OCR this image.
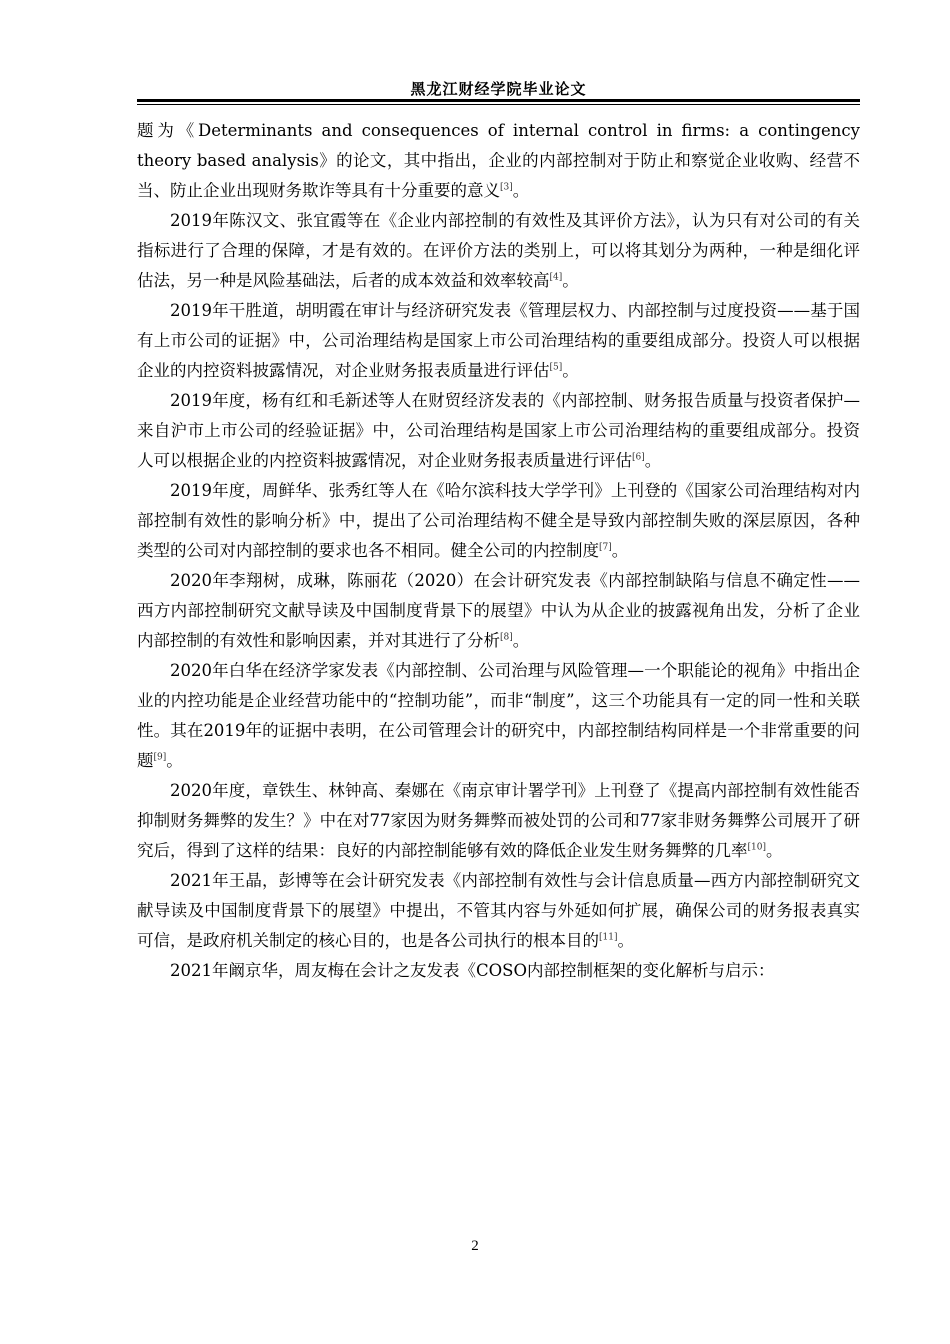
黑龙江财经学院毕业论文

题为《Determinants and consequences of internal control in firms: a contingency theory based analysis》的论文，其中指出，企业的内部控制对于防止和察觉企业收购、经营不当、防止企业出现财务欺诈等具有十分重要的意义[3]。

2019年陈汉文、张宜霞等在《企业内部控制的有效性及其评价方法》，认为只有对公司的有关指标进行了合理的保障，才是有效的。在评价方法的类别上，可以将其划分为两种，一种是细化评估法，另一种是风险基础法，后者的成本效益和效率较高[4]。

2019年干胜道，胡明霞在审计与经济研究发表《管理层权力、内部控制与过度投资——基于国有上市公司的证据》中，公司治理结构是国家上市公司治理结构的重要组成部分。投资人可以根据企业的内控资料披露情况，对企业财务报表质量进行评估[5]。

2019年度，杨有红和毛新述等人在财贸经济发表的《内部控制、财务报告质量与投资者保护—来自沪市上市公司的经验证据》中，公司治理结构是国家上市公司治理结构的重要组成部分。投资人可以根据企业的内控资料披露情况，对企业财务报表质量进行评估[6]。

2019年度，周鲜华、张秀红等人在《哈尔滨科技大学学刊》上刊登的《国家公司治理结构对内部控制有效性的影响分析》中，提出了公司治理结构不健全是导致内部控制失败的深层原因，各种类型的公司对内部控制的要求也各不相同。健全公司的内控制度[7]。

2020年李翔树，成琳，陈丽花（2020）在会计研究发表《内部控制缺陷与信息不确定性——西方内部控制研究文献导读及中国制度背景下的展望》中认为从企业的披露视角出发，分析了企业内部控制的有效性和影响因素，并对其进行了分析[8]。

2020年白华在经济学家发表《内部控制、公司治理与风险管理—一个职能论的视角》中指出企业的内控功能是企业经营功能中的“控制功能”，而非“制度”，这三个功能具有一定的同一性和关联性。其在2019年的证据中表明，在公司管理会计的研究中，内部控制结构同样是一个非常重要的问题[9]。

2020年度，章铁生、林钟高、秦娜在《南京审计署学刊》上刊登了《提高内部控制有效性能否抑制财务舞弊的发生？》中在对77家因为财务舞弊而被处罚的公司和77家非财务舞弊公司展开了研究后，得到了这样的结果：良好的内部控制能够有效的降低企业发生财务舞弊的几率[10]。

2021年王晶，彭博等在会计研究发表《内部控制有效性与会计信息质量—西方内部控制研究文献导读及中国制度背景下的展望》中提出，不管其内容与外延如何扩展，确保公司的财务报表真实可信，是政府机关制定的核心目的，也是各公司执行的根本目的[11]。

2021年阚京华，周友梅在会计之友发表《COSO内部控制框架的变化解析与启示：

2
